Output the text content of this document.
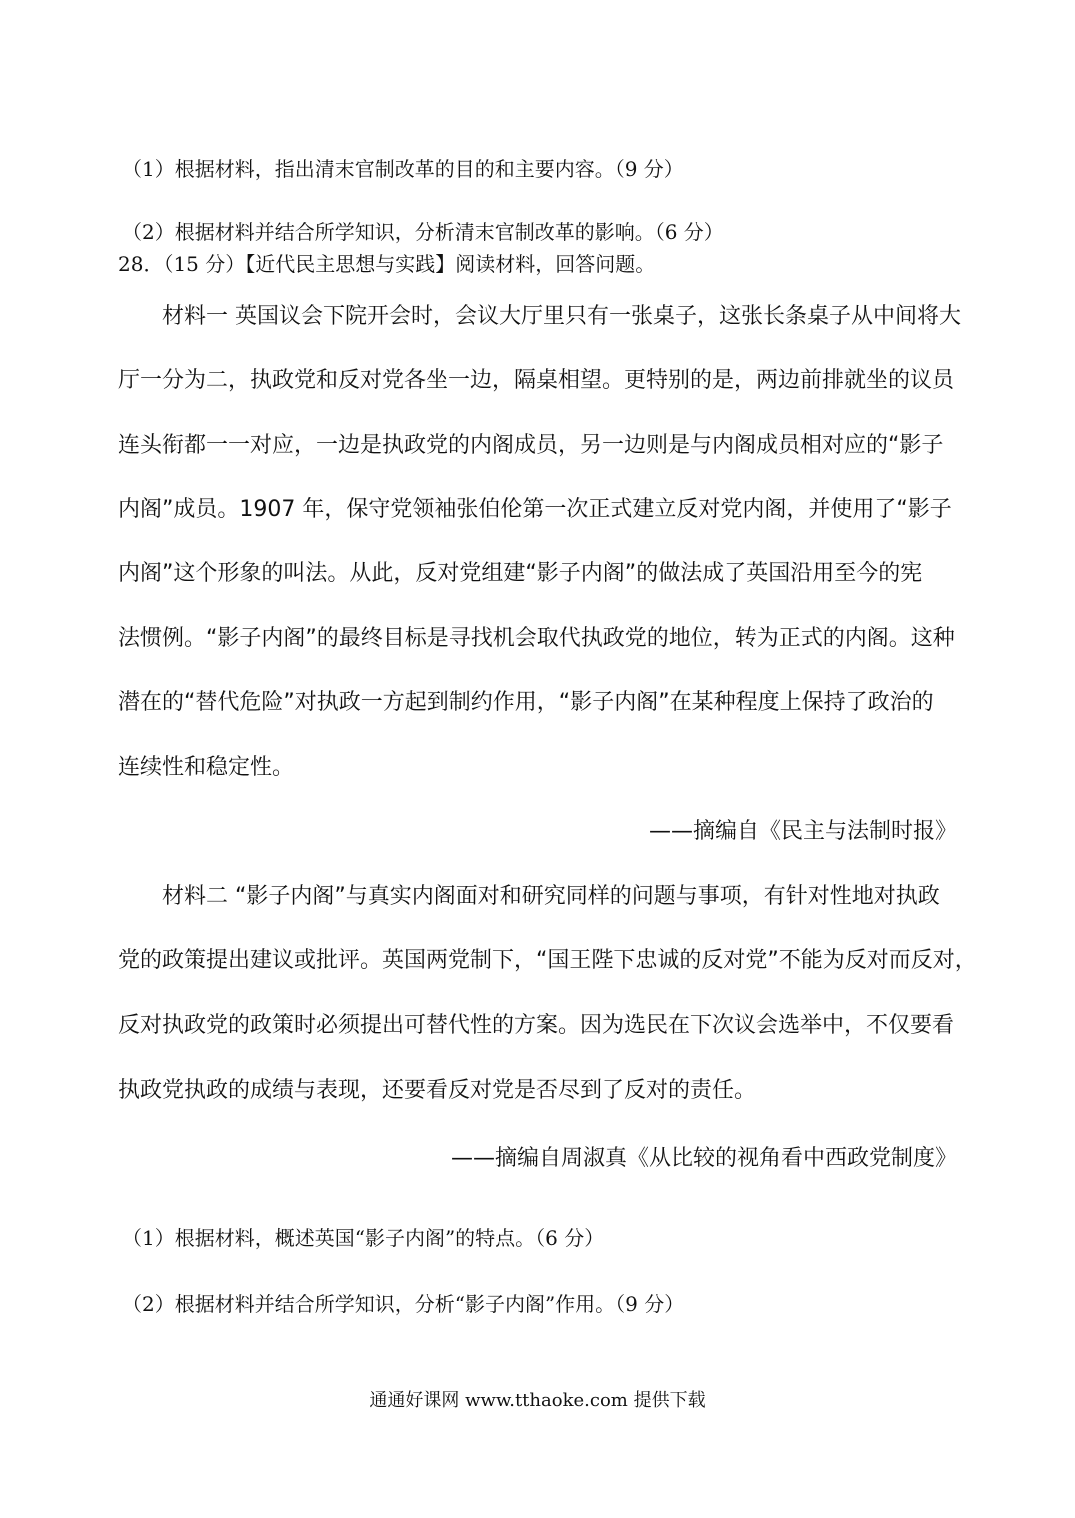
（1）根据材料，指出清末官制改革的目的和主要内容。（9 分）
（2）根据材料并结合所学知识，分析清末官制改革的影响。（6 分）
28．（15 分）【近代民主思想与实践】阅读材料，回答问题。
材料一 英国议会下院开会时，会议大厅里只有一张桌子，这张长条桌子从中间将大
厅一分为二，执政党和反对党各坐一边，隔桌相望。更特别的是，两边前排就坐的议员
连头衔都一一对应，一边是执政党的内阁成员，另一边则是与内阁成员相对应的“影子
内阁”成员。1907 年，保守党领袖张伯伦第一次正式建立反对党内阁，并使用了“影子
内阁”这个形象的叫法。从此，反对党组建“影子内阁”的做法成了英国沿用至今的宪
法惯例。“影子内阁”的最终目标是寻找机会取代执政党的地位，转为正式的内阁。这种
潜在的“替代危险”对执政一方起到制约作用，“影子内阁”在某种程度上保持了政治的
连续性和稳定性。
——摘编自《民主与法制时报》
材料二 “影子内阁”与真实内阁面对和研究同样的问题与事项，有针对性地对执政
党的政策提出建议或批评。英国两党制下，“国王陛下忠诚的反对党”不能为反对而反对，
反对执政党的政策时必须提出可替代性的方案。因为选民在下次议会选举中，不仅要看
执政党执政的成绩与表现，还要看反对党是否尽到了反对的责任。
——摘编自周淑真《从比较的视角看中西政党制度》
（1）根据材料，概述英国“影子内阁”的特点。（6 分）
（2）根据材料并结合所学知识，分析“影子内阁”作用。（9 分）
通通好课网 www.tthaoke.com 提供下载
